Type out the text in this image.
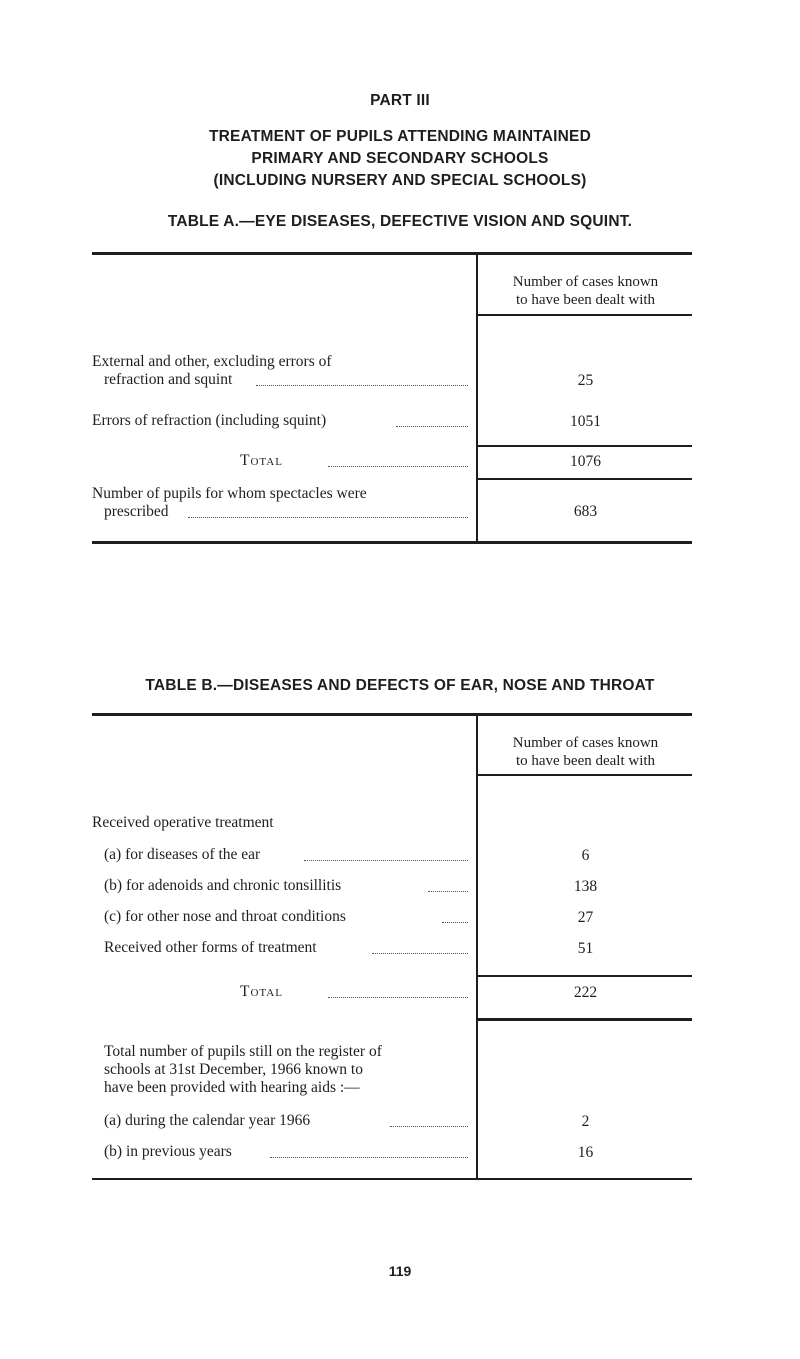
PART III
TREATMENT OF PUPILS ATTENDING MAINTAINED
PRIMARY AND SECONDARY SCHOOLS
(INCLUDING NURSERY AND SPECIAL SCHOOLS)
TABLE A.—EYE DISEASES, DEFECTIVE VISION AND SQUINT.
Number of cases known
to have been dealt with
External and other, excluding errors of
refraction and squint	25
Errors of refraction (including squint)	1051
Total	1076
Number of pupils for whom spectacles were
prescribed	683
TABLE B.—DISEASES AND DEFECTS OF EAR, NOSE AND THROAT
Number of cases known
to have been dealt with
Received operative treatment
(a) for diseases of the ear	6
(b) for adenoids and chronic tonsillitis	138
(c) for other nose and throat conditions	27
Received other forms of treatment	51
Total	222
Total number of pupils still on the register of
schools at 31st December, 1966 known to
have been provided with hearing aids :—
(a) during the calendar year 1966	2
(b) in previous years	16
119
